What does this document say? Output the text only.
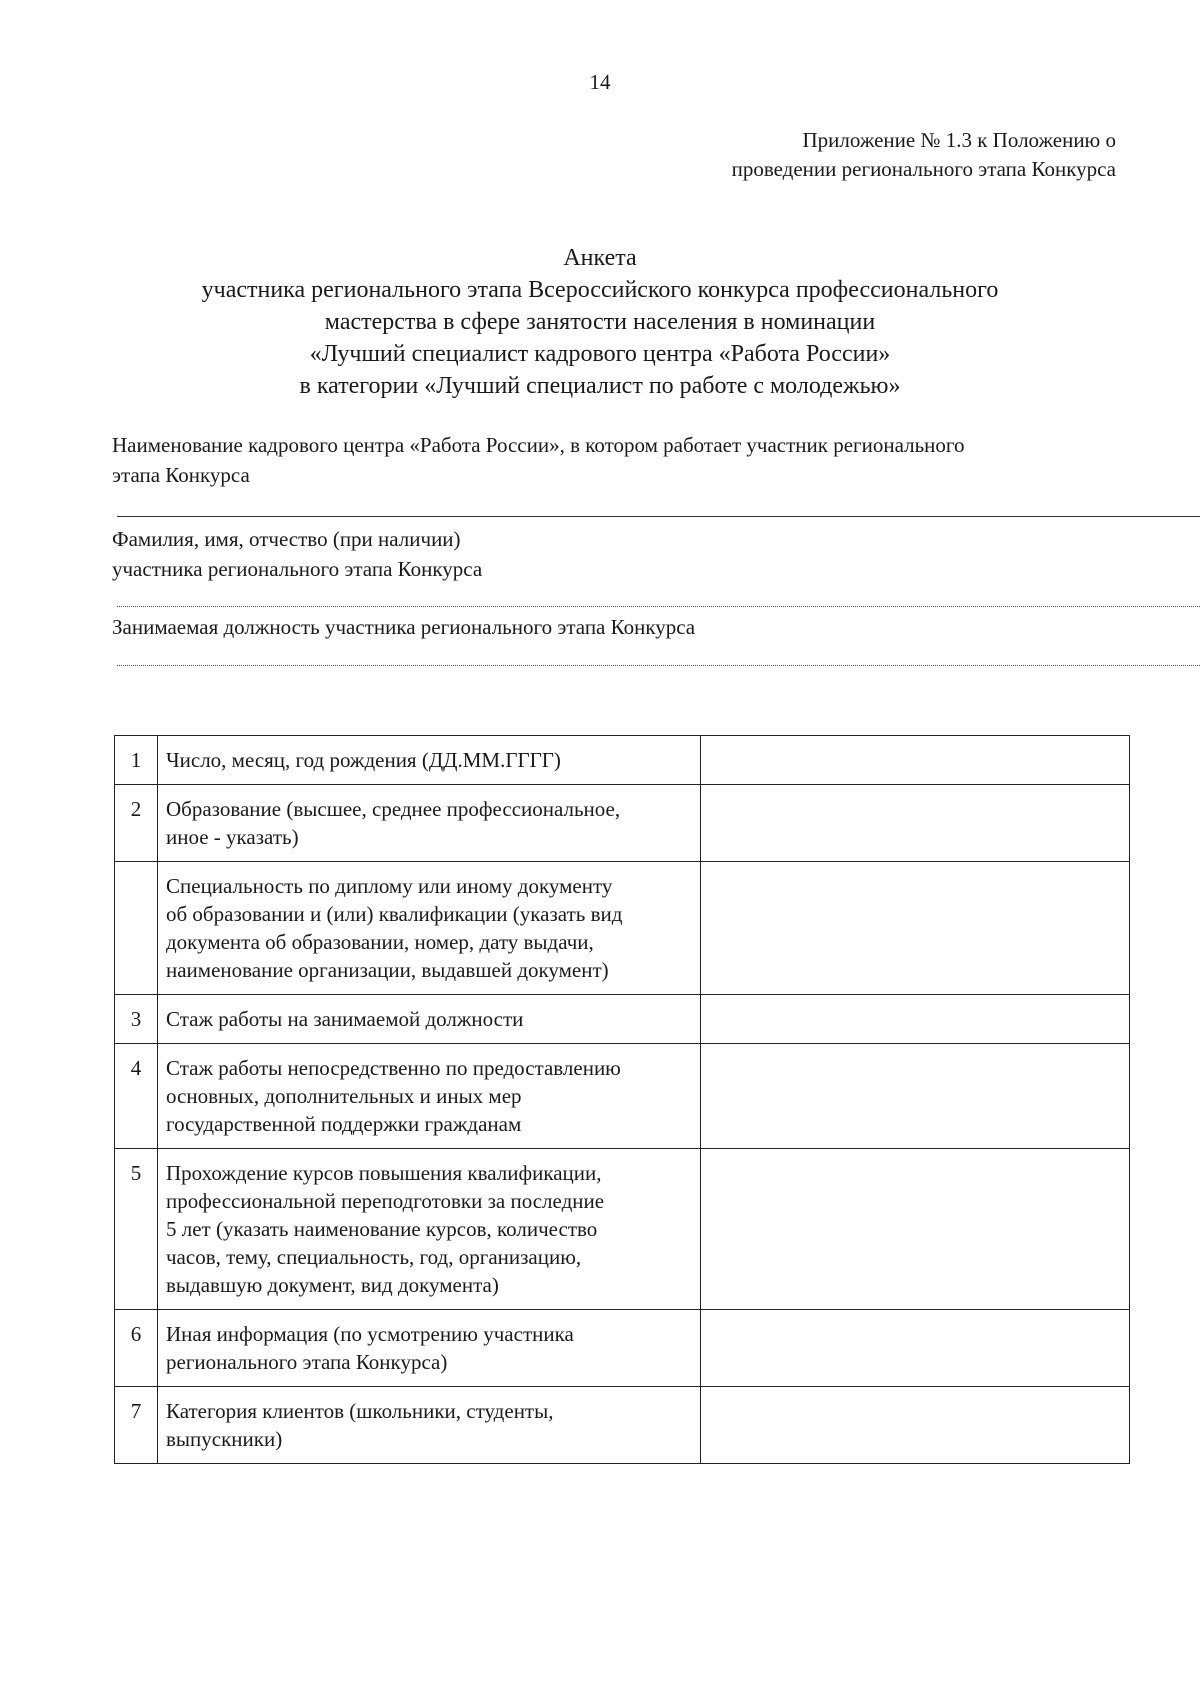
14
Приложение № 1.3 к Положению о
проведении регионального этапа Конкурса
Анкета
участника регионального этапа Всероссийского конкурса профессионального
мастерства в сфере занятости населения в номинации
«Лучший специалист кадрового центра «Работа России»
в категории «Лучший специалист по работе с молодежью»
Наименование кадрового центра «Работа России», в котором работает участник регионального
этапа Конкурса
Фамилия, имя, отчество (при наличии)
участника регионального этапа Конкурса
Занимаемая должность участника регионального этапа Конкурса
1	Число, месяц, год рождения (ДД.ММ.ГГГГ)	

2	Образование (высшее, среднее профессиональное,
иное - указать)	

	Специальность по диплому или иному документу
об образовании и (или) квалификации (указать вид
документа об образовании, номер, дату выдачи,
наименование организации, выдавшей документ)	

3	Стаж работы на занимаемой должности	

4	Стаж работы непосредственно по предоставлению
основных, дополнительных и иных мер
государственной поддержки гражданам	

5	Прохождение курсов повышения квалификации,
профессиональной переподготовки за последние
5 лет (указать наименование курсов, количество
часов, тему, специальность, год, организацию,
выдавшую документ, вид документа)	

6	Иная информация (по усмотрению участника
регионального этапа Конкурса)	

7	Категория клиентов (школьники, студенты,
выпускники)	
